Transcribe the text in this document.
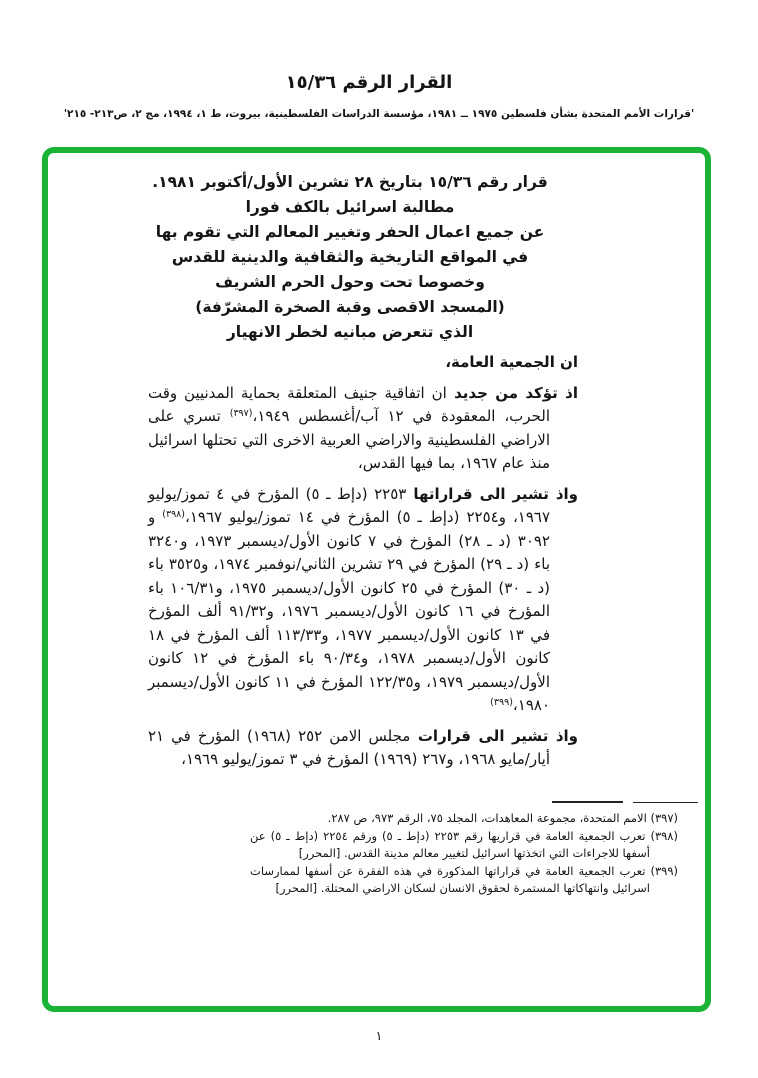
القرار الرقم ١٥/٣٦
'قرارات الأمم المتحدة بشأن فلسطين ١٩٧٥ ــ ١٩٨١، مؤسسة الدراسات الفلسطينية، بيروت، ط ١، ١٩٩٤، مج ٢، ص٢١٣- ٢١٥'
قرار رقم ١٥/٣٦ بتاريخ ٢٨ تشرين الأول/أكتوبر ١٩٨١.
مطالبة اسرائيل بالكف فورا
عن جميع اعمال الحفر وتغيير المعالم التي تقوم بها
في المواقع التاريخية والثقافية والدينية للقدس
وخصوصا تحت وحول الحرم الشريف
(المسجد الاقصى وقبة الصخرة المشرّفة)
الذي تتعرض مبانيه لخطر الانهيار
ان الجمعية العامة،
اذ تؤكد من جديد ان اتفاقية جنيف المتعلقة بحماية المدنيين وقت الحرب، المعقودة في ١٢ آب/أغسطس ١٩٤٩،$^{(٣٩٧)}$ تسري على الاراضي الفلسطينية والاراضي العربية الاخرى التي تحتلها اسرائيل منذ عام ١٩٦٧، بما فيها القدس،
واذ تشير الى قراراتها ٢٢٥٣ (دإط ـ ٥) المؤرخ في ٤ تموز/يوليو ١٩٦٧، و٢٢٥٤ (دإط ـ ٥) المؤرخ في ١٤ تموز/يوليو ١٩٦٧،$^{(٣٩٨)}$ و ٣٠٩٢ (د ـ ٢٨) المؤرخ في ٧ كانون الأول/ديسمبر ١٩٧٣، و٣٢٤٠ باء (د ـ ٢٩) المؤرخ في ٢٩ تشرين الثاني/نوفمبر ١٩٧٤، و٣٥٢٥ باء (د ـ ٣٠) المؤرخ في ٢٥ كانون الأول/ديسمبر ١٩٧٥، و١٠٦/٣١ باء المؤرخ في ١٦ كانون الأول/ديسمبر ١٩٧٦، و٩١/٣٢ ألف المؤرخ في ١٣ كانون الأول/ديسمبر ١٩٧٧، و١١٣/٣٣ ألف المؤرخ في ١٨ كانون الأول/ديسمبر ١٩٧٨، و٩٠/٣٤ باء المؤرخ في ١٢ كانون الأول/ديسمبر ١٩٧٩، و١٢٢/٣٥ المؤرخ في ١١ كانون الأول/ديسمبر ١٩٨٠،$^{(٣٩٩)}$
واذ تشير الى قرارات مجلس الامن ٢٥٢ (١٩٦٨) المؤرخ في ٢١ أيار/مايو ١٩٦٨، و٢٦٧ (١٩٦٩) المؤرخ في ٣ تموز/يوليو ١٩٦٩،
(٣٩٧) الامم المتحدة، مجموعة المعاهدات، المجلد ٧٥، الرقم ٩٧٣، ص ٢٨٧.
(٣٩٨) تعرب الجمعية العامة في قراريها رقم ٢٢٥٣ (دإط ـ ٥) ورقم ٢٢٥٤ (دإط ـ ٥) عن أسفها للاجراءات التي اتخذتها اسرائيل لتغيير معالم مدينة القدس. [المحرر]
(٣٩٩) تعرب الجمعية العامة في قراراتها المذكورة في هذه الفقرة عن أسفها لممارسات اسرائيل وانتهاكاتها المستمرة لحقوق الانسان لسكان الاراضي المحتلة. [المحرر]
١
